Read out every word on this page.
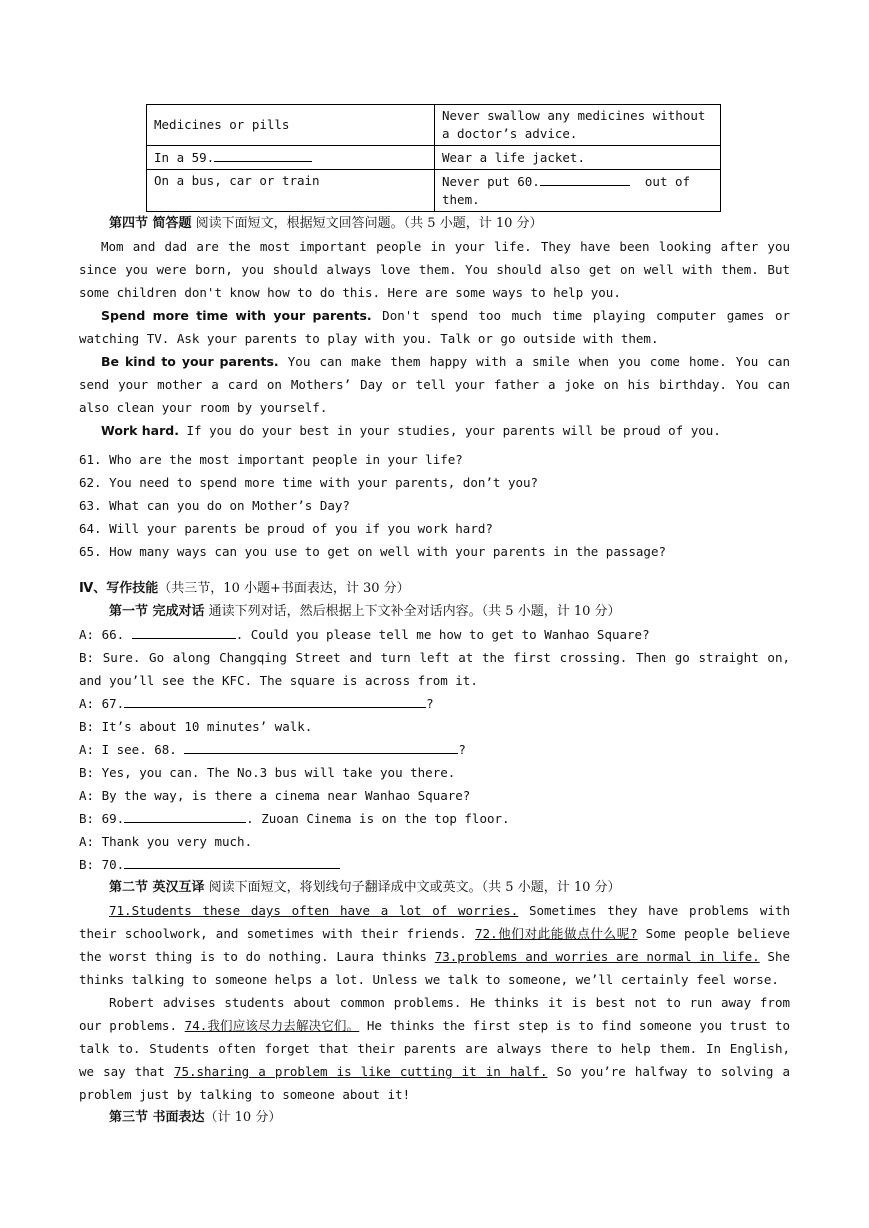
Medicines or pills	Never swallow any medicines without a doctor’s advice.
In a 59.	Wear a life jacket.
On a bus, car or train	Never put 60. out of them.
第四节 简答题 阅读下面短文，根据短文回答问题。（共 5 小题，计 10 分）
Mom and dad are the most important people in your life. They have been looking after you since you were born, you should always love them. You should also get on well with them. But some children don't know how to do this. Here are some ways to help you.
Spend more time with your parents. Don't spend too much time playing computer games or watching TV. Ask your parents to play with you. Talk or go outside with them.
Be kind to your parents. You can make them happy with a smile when you come home. You can send your mother a card on Mothers’ Day or tell your father a joke on his birthday. You can also clean your room by yourself.
Work hard. If you do your best in your studies, your parents will be proud of you.
61. Who are the most important people in your life?
62. You need to spend more time with your parents, don’t you?
63. What can you do on Mother’s Day?
64. Will your parents be proud of you if you work hard?
65. How many ways can you use to get on well with your parents in the passage?
Ⅳ、写作技能（共三节，10 小题+书面表达，计 30 分）
第一节 完成对话 通读下列对话，然后根据上下文补全对话内容。（共 5 小题，计 10 分）
A: 66.	. Could you please tell me how to get to Wanhao Square?
B: Sure. Go along Changqing Street and turn left at the first crossing. Then go straight on, and you’ll see the KFC. The square is across from it.
A: 67.	?
B: It’s about 10 minutes’ walk.
A: I see. 68.	?
B: Yes, you can. The No.3 bus will take you there.
A: By the way, is there a cinema near Wanhao Square?
B: 69.	. Zuoan Cinema is on the top floor.
A: Thank you very much.
B: 70.
第二节 英汉互译 阅读下面短文，将划线句子翻译成中文或英文。（共 5 小题，计 10 分）
71.Students these days often have a lot of worries. Sometimes they have problems with their schoolwork, and sometimes with their friends. 72.他们对此能做点什么呢? Some people believe the worst thing is to do nothing. Laura thinks 73.problems and worries are normal in life. She thinks talking to someone helps a lot. Unless we talk to someone, we’ll certainly feel worse.
Robert advises students about common problems. He thinks it is best not to run away from our problems. 74.我们应该尽力去解决它们。 He thinks the first step is to find someone you trust to talk to. Students often forget that their parents are always there to help them. In English, we say that 75.sharing a problem is like cutting it in half. So you’re halfway to solving a problem just by talking to someone about it!
第三节 书面表达（计 10 分）
